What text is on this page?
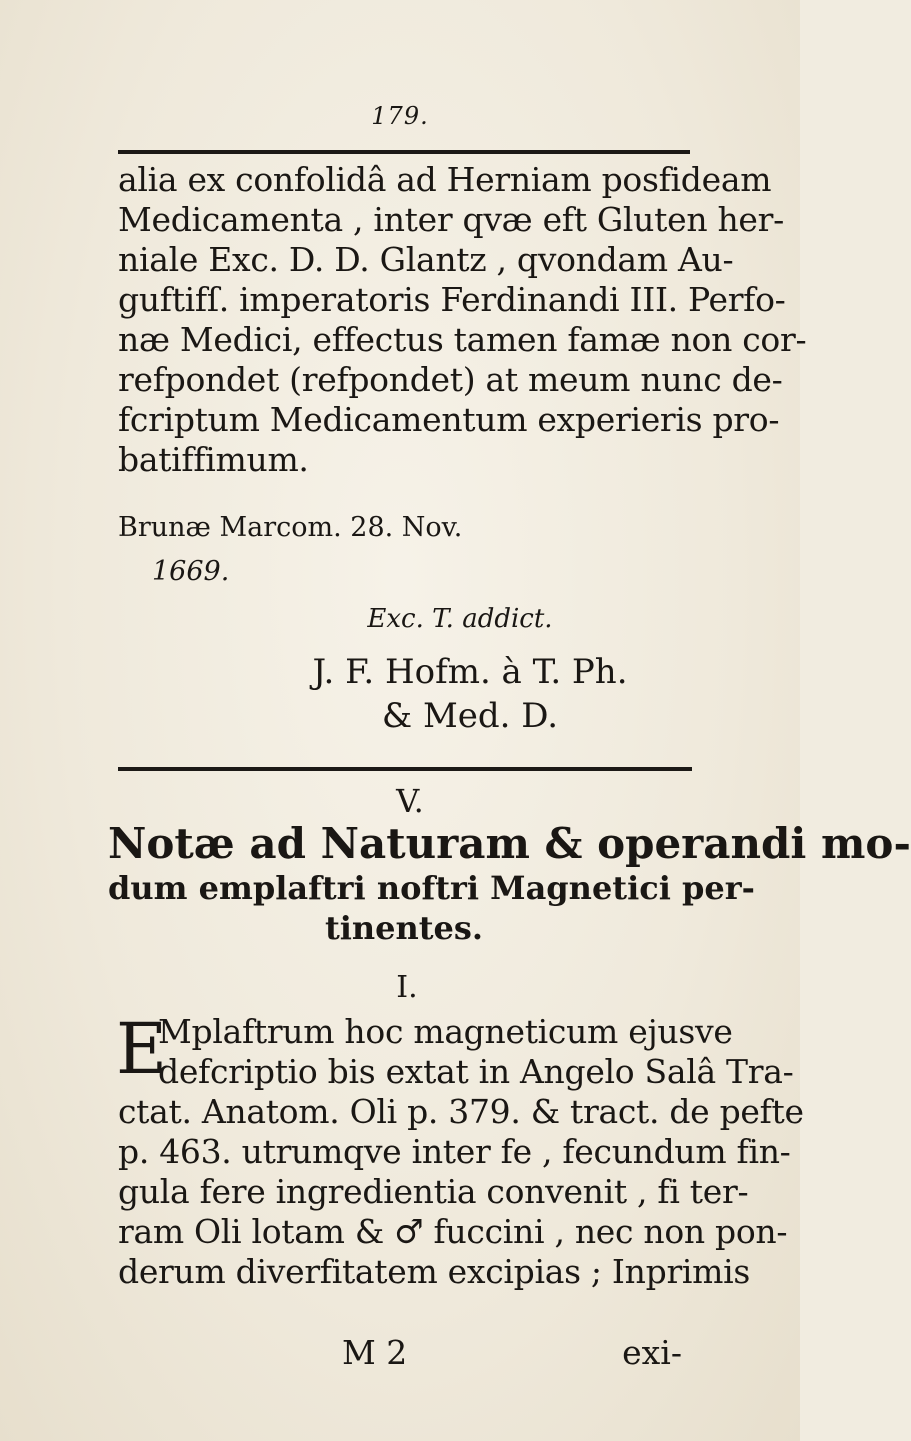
179.

alia ex confolidâ ad Herniam posfideam
Medicamenta , inter qvæ eft Gluten her-
niale Exc. D. D. Glantz , qvondam Au-
guftifſ. imperatoris Ferdinandi III. Perfo-
næ Medici, effectus tamen famæ non cor-
refpondet (refpondet) at meum nunc de-
fcriptum Medicamentum experieris pro-
batiffimum.

Brunæ Marcom. 28. Nov.
1669.
Exc. T. addict.
J. F. Hofm. à T. Ph.
& Med. D.
V.
Notæ ad Naturam & operandi mo-
dum emplaftri noftri Magnetici per-
tinentes.
I.
E

Mplaftrum hoc magneticum ejusve
defcriptio bis extat in Angelo Salâ Tra-
ctat. Anatom. Oli p. 379. & tract. de pefte
p. 463. utrumqve inter fe , fecundum fin-
gula fere ingredientia convenit , fi ter-
ram Oli lotam & ♂ fuccini , nec non pon-
derum diverfitatem excipias ; Inprimis

M 2	exi-
